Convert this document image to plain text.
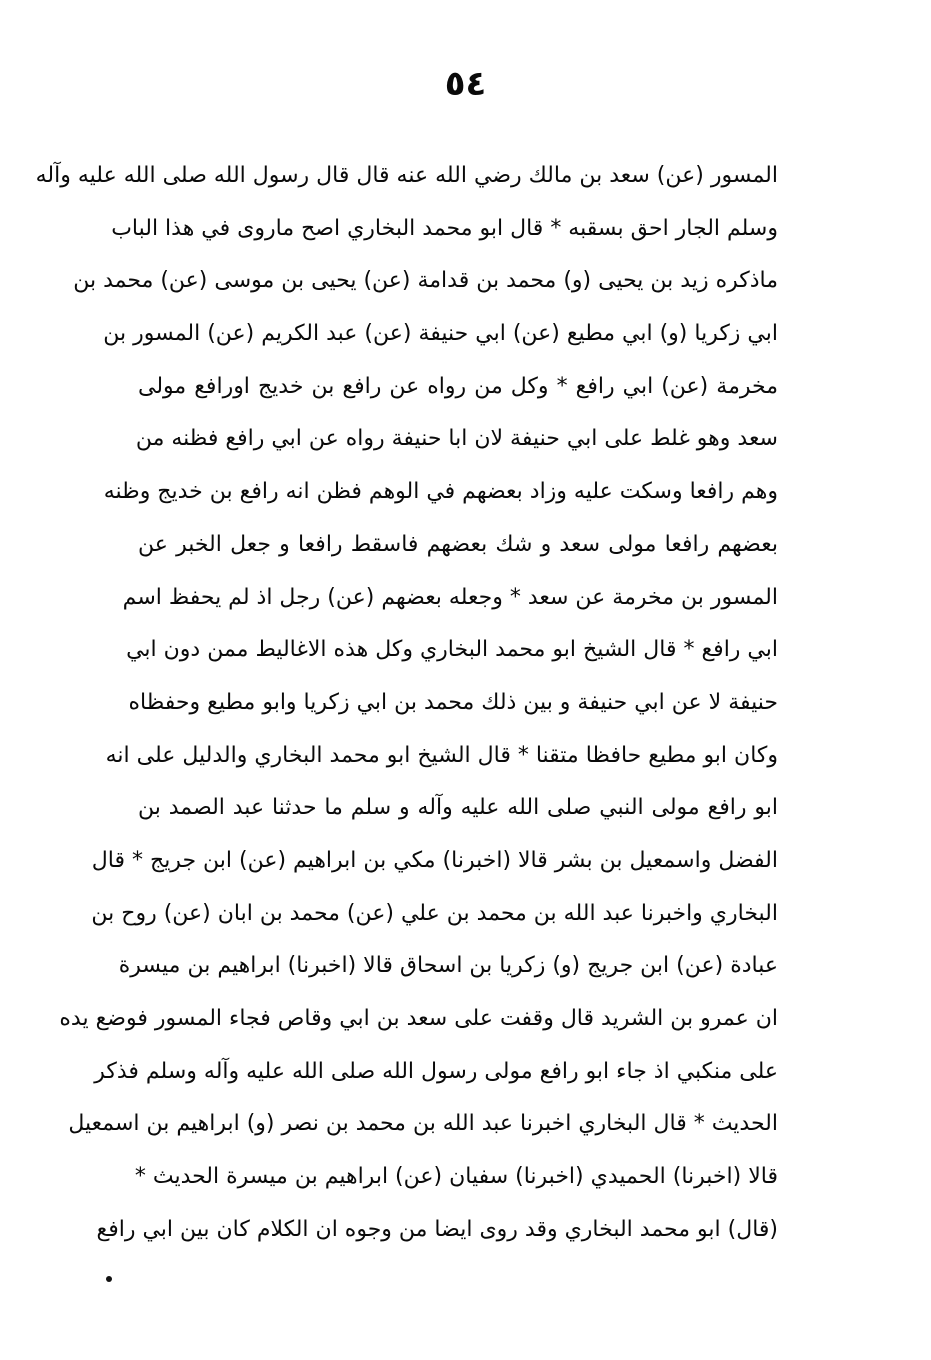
٥٤
المسور (عن) سعد بن مالك رضي الله عنه قال قال رسول الله صلى الله عليه وآله
وسلم الجار احق بسقبه * قال ابو محمد البخاري اصح ماروى في هذا الباب
ماذكره زيد بن يحيى (و) محمد بن قدامة (عن) يحيى بن موسى (عن) محمد بن
ابي زكريا (و) ابي مطيع (عن) ابي حنيفة (عن) عبد الكريم (عن) المسور بن
مخرمة (عن) ابي رافع * وكل من رواه عن رافع بن خديج اورافع مولى
سعد وهو غلط على ابي حنيفة لان ابا حنيفة رواه عن ابي رافع فظنه من
وهم رافعا وسكت عليه وزاد بعضهم في الوهم فظن انه رافع بن خديج وظنه
بعضهم رافعا مولى سعد و شك بعضهم فاسقط رافعا و جعل الخبر عن
المسور بن مخرمة عن سعد * وجعله بعضهم (عن) رجل اذ لم يحفظ اسم
ابي رافع * قال الشيخ ابو محمد البخاري وكل هذه الاغاليط ممن دون ابي
حنيفة لا عن ابي حنيفة و بين ذلك محمد بن ابي زكريا وابو مطيع وحفظاه
وكان ابو مطيع حافظا متقنا * قال الشيخ ابو محمد البخاري والدليل على انه
ابو رافع مولى النبي صلى الله عليه وآله و سلم ما حدثنا عبد الصمد بن
الفضل واسمعيل بن بشر قالا (اخبرنا) مكي بن ابراهيم (عن) ابن جريج * قال
البخاري واخبرنا عبد الله بن محمد بن علي (عن) محمد بن ابان (عن) روح بن
عبادة (عن) ابن جريج (و) زكريا بن اسحاق قالا (اخبرنا) ابراهيم بن ميسرة
ان عمرو بن الشريد قال وقفت على سعد بن ابي وقاص فجاء المسور فوضع يده
على منكبي اذ جاء ابو رافع مولى رسول الله صلى الله عليه وآله وسلم فذكر
الحديث * قال البخاري اخبرنا عبد الله بن محمد بن نصر (و) ابراهيم بن اسمعيل
قالا (اخبرنا) الحميدي (اخبرنا) سفيان (عن) ابراهيم بن ميسرة الحديث *
(قال) ابو محمد البخاري وقد روى ايضا من وجوه ان الكلام كان بين ابي رافع
